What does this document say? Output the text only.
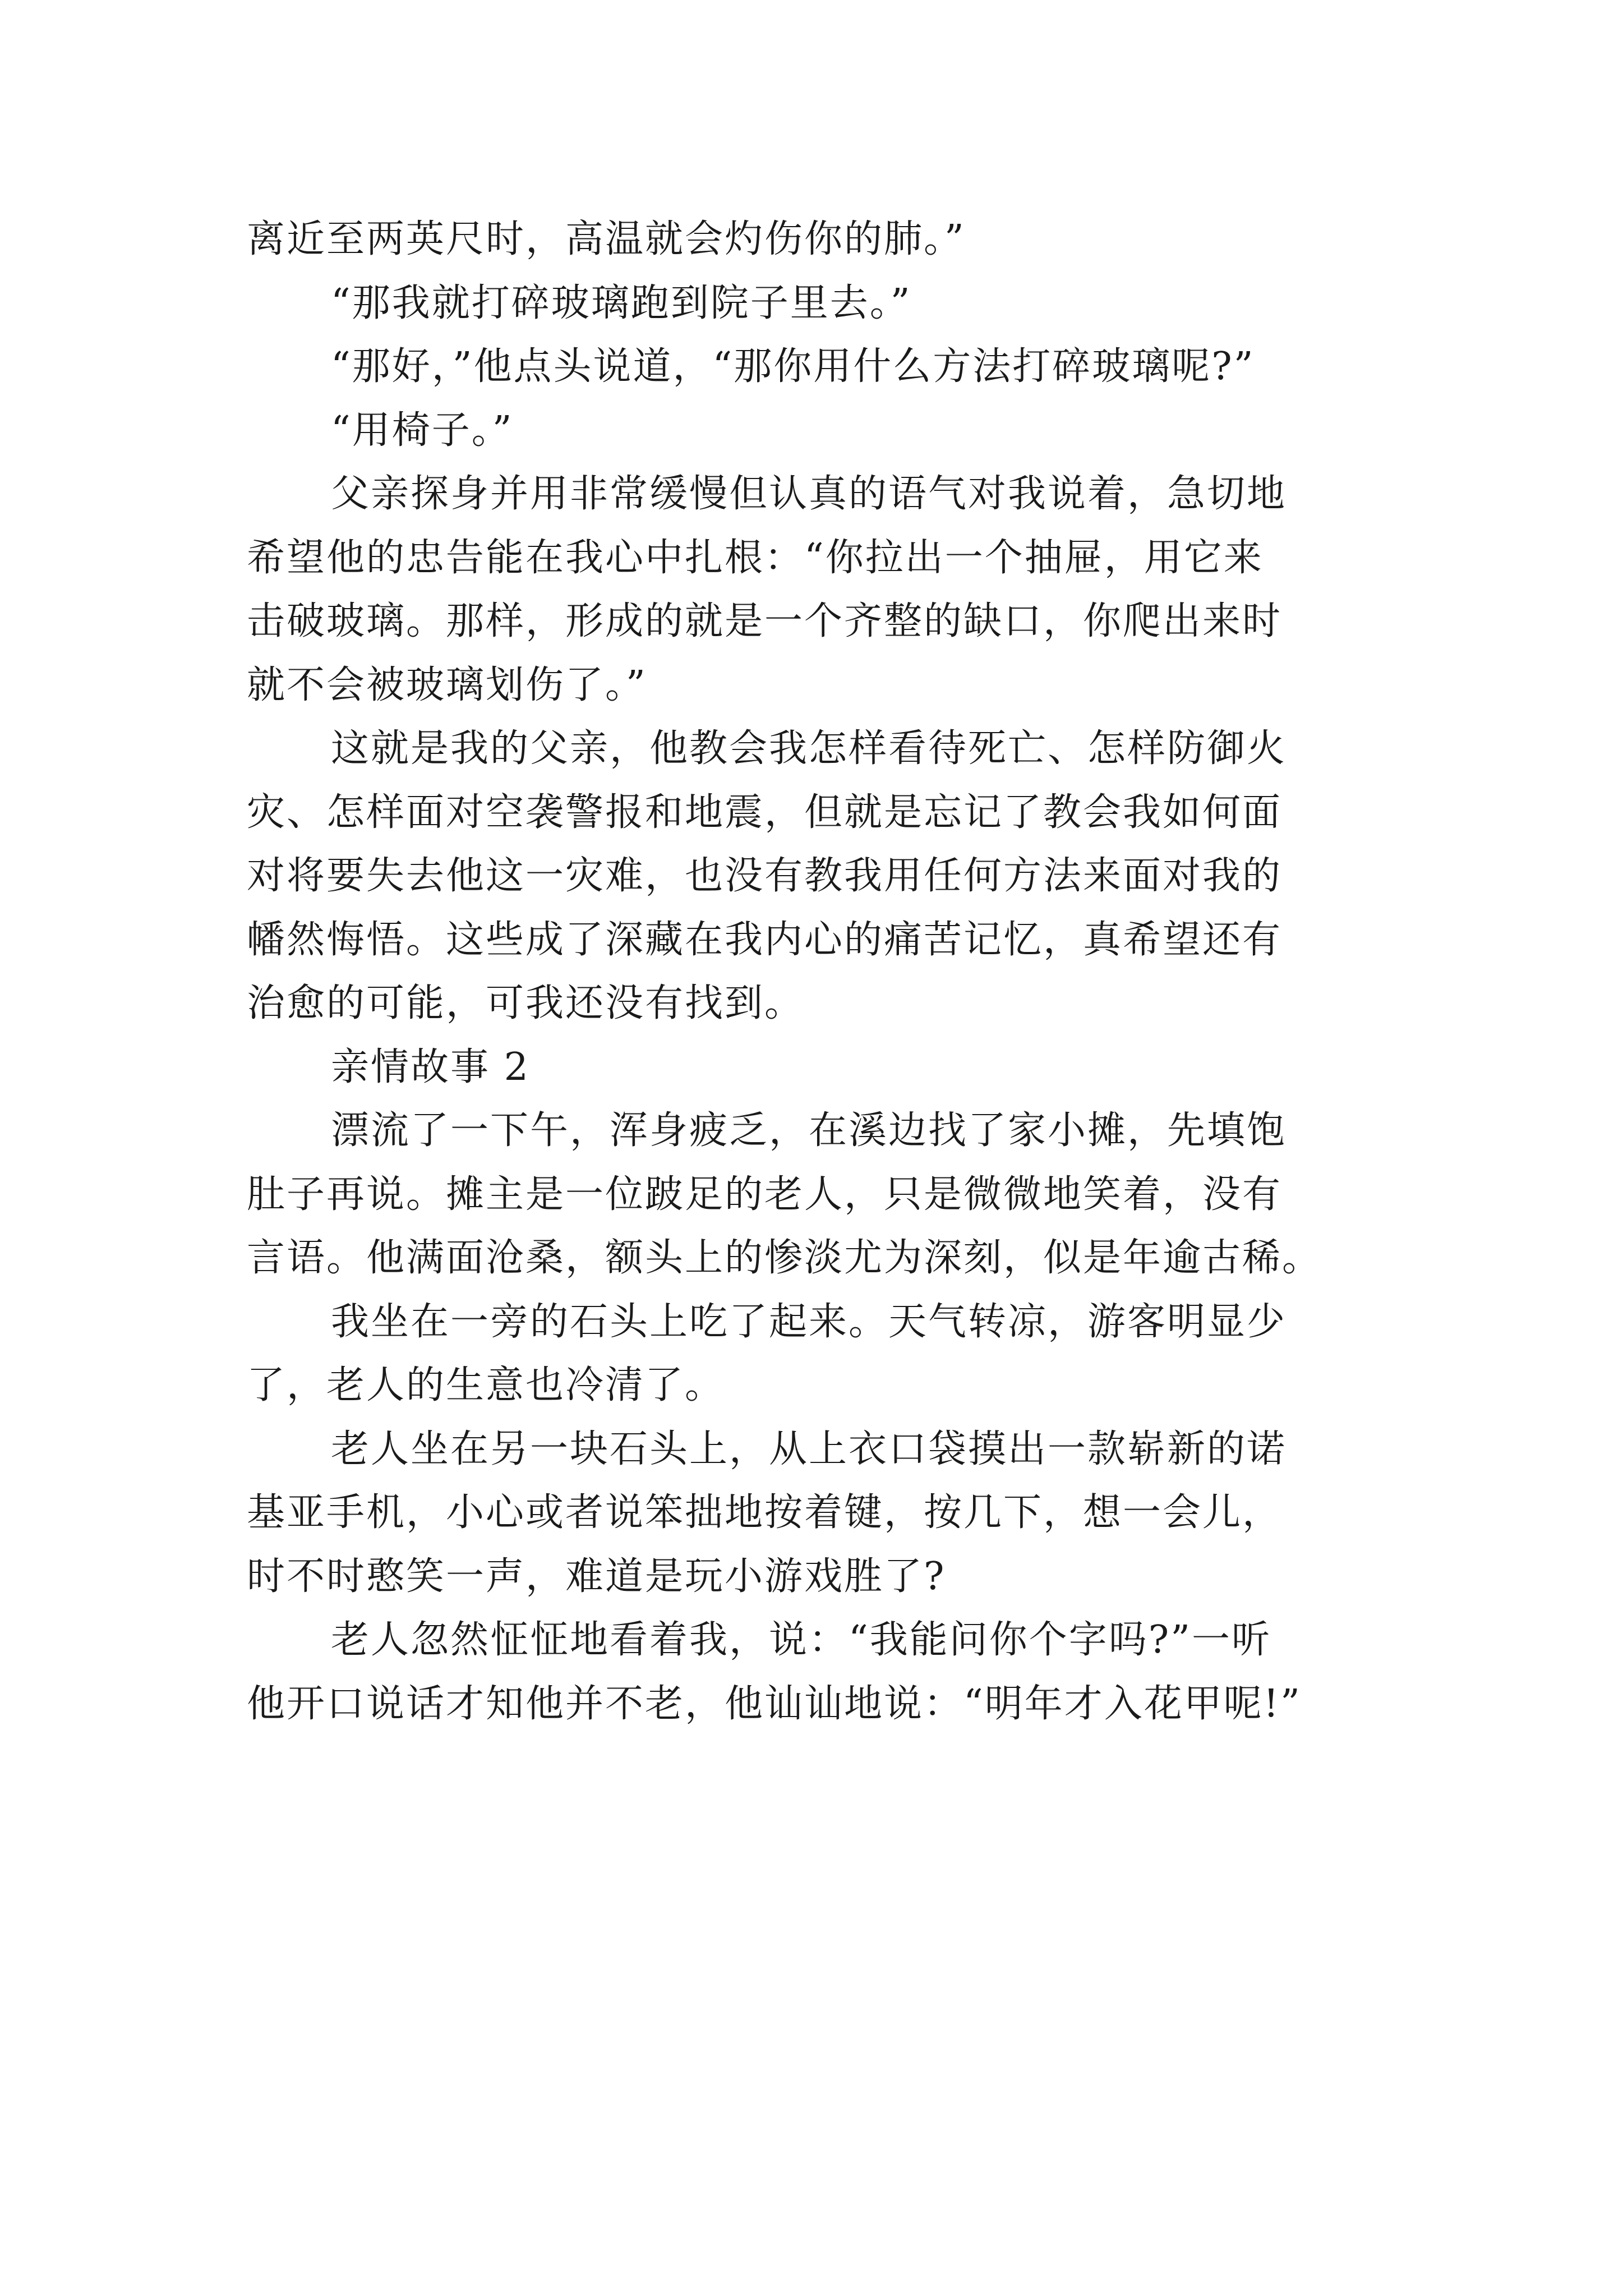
离近至两英尺时，高温就会灼伤你的肺。”
“那我就打碎玻璃跑到院子里去。”
“那好，”他点头说道，“那你用什么方法打碎玻璃呢?”
“用椅子。”
父亲探身并用非常缓慢但认真的语气对我说着，急切地
希望他的忠告能在我心中扎根：“你拉出一个抽屉，用它来
击破玻璃。那样，形成的就是一个齐整的缺口，你爬出来时
就不会被玻璃划伤了。”
这就是我的父亲，他教会我怎样看待死亡、怎样防御火
灾、怎样面对空袭警报和地震，但就是忘记了教会我如何面
对将要失去他这一灾难，也没有教我用任何方法来面对我的
幡然悔悟。这些成了深藏在我内心的痛苦记忆，真希望还有
治愈的可能，可我还没有找到。
亲情故事 2
漂流了一下午，浑身疲乏，在溪边找了家小摊，先填饱
肚子再说。摊主是一位跛足的老人，只是微微地笑着，没有
言语。他满面沧桑，额头上的惨淡尤为深刻，似是年逾古稀。
我坐在一旁的石头上吃了起来。天气转凉，游客明显少
了，老人的生意也冷清了。
老人坐在另一块石头上，从上衣口袋摸出一款崭新的诺
基亚手机，小心或者说笨拙地按着键，按几下，想一会儿，
时不时憨笑一声，难道是玩小游戏胜了?
老人忽然怔怔地看着我，说：“我能问你个字吗?”一听
他开口说话才知他并不老，他讪讪地说：“明年才入花甲呢!”
